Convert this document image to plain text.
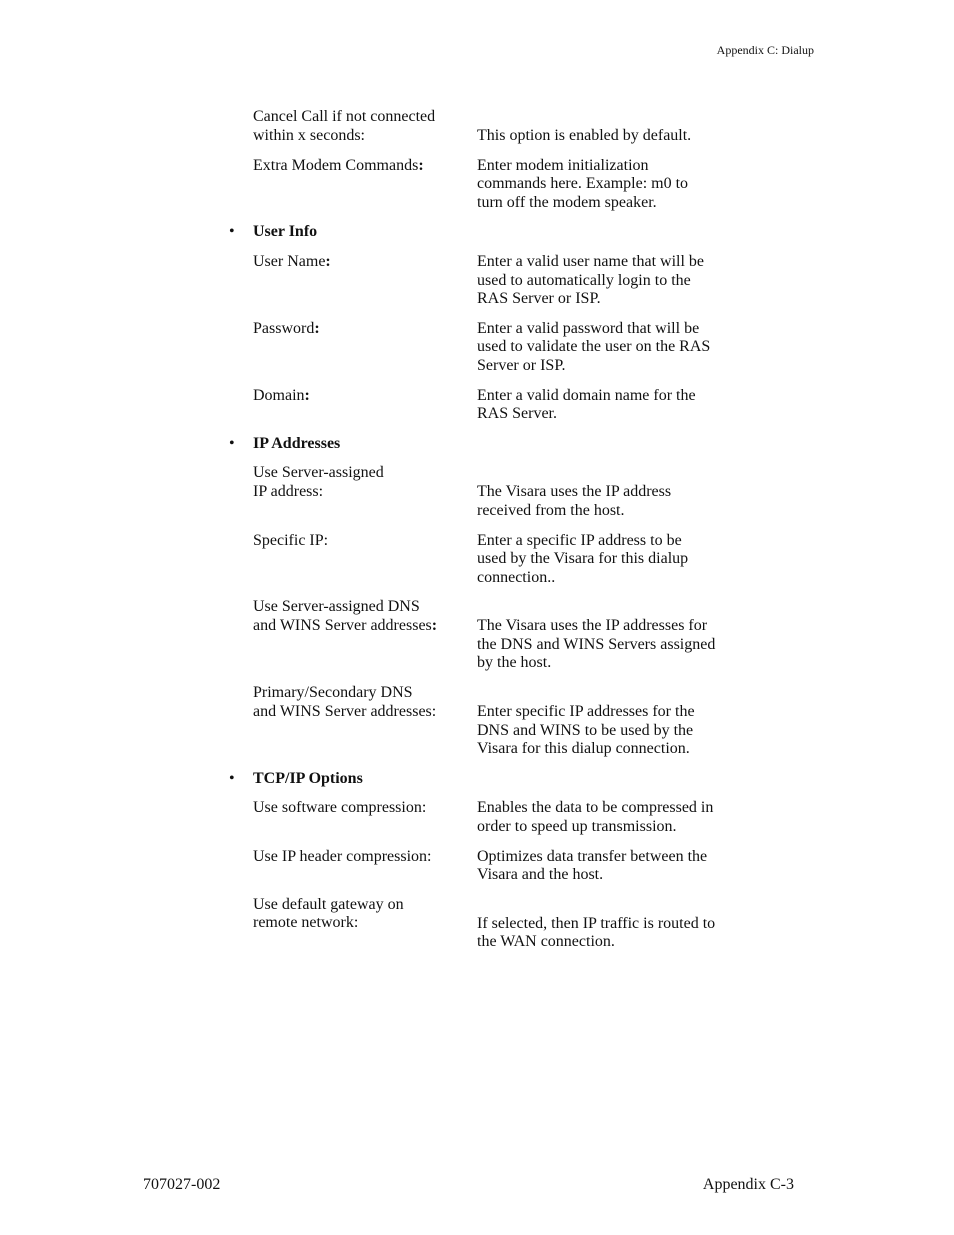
Appendix C: Dialup
Cancel Call if not connected
within x seconds:	This option is enabled by default.
Extra Modem Commands:	Enter modem initialization
commands here. Example: m0 to
turn off the modem speaker.
• User Info
User Name:	Enter a valid user name that will be
used to automatically login to the
RAS Server or ISP.
Password:	Enter a valid password that will be
used to validate the user on the RAS
Server or ISP.
Domain:	Enter a valid domain name for the
RAS Server.
• IP Addresses
Use Server-assigned
IP address:	The Visara uses the IP address
received from the host.
Specific IP:	Enter a specific IP address to be
used by the Visara for this dialup
connection..
Use Server-assigned DNS
and WINS Server addresses:	The Visara uses the IP addresses for
the DNS and WINS Servers assigned
by the host.
Primary/Secondary DNS
and WINS Server addresses:	Enter specific IP addresses for the
DNS and WINS to be used by the
Visara for this dialup connection.
• TCP/IP Options
Use software compression:	Enables the data to be compressed in
order to speed up transmission.
Use IP header compression:	Optimizes data transfer between the
Visara and the host.
Use default gateway on
remote network:	If selected, then IP traffic is routed to
the WAN connection.
707027-002	Appendix C-3
